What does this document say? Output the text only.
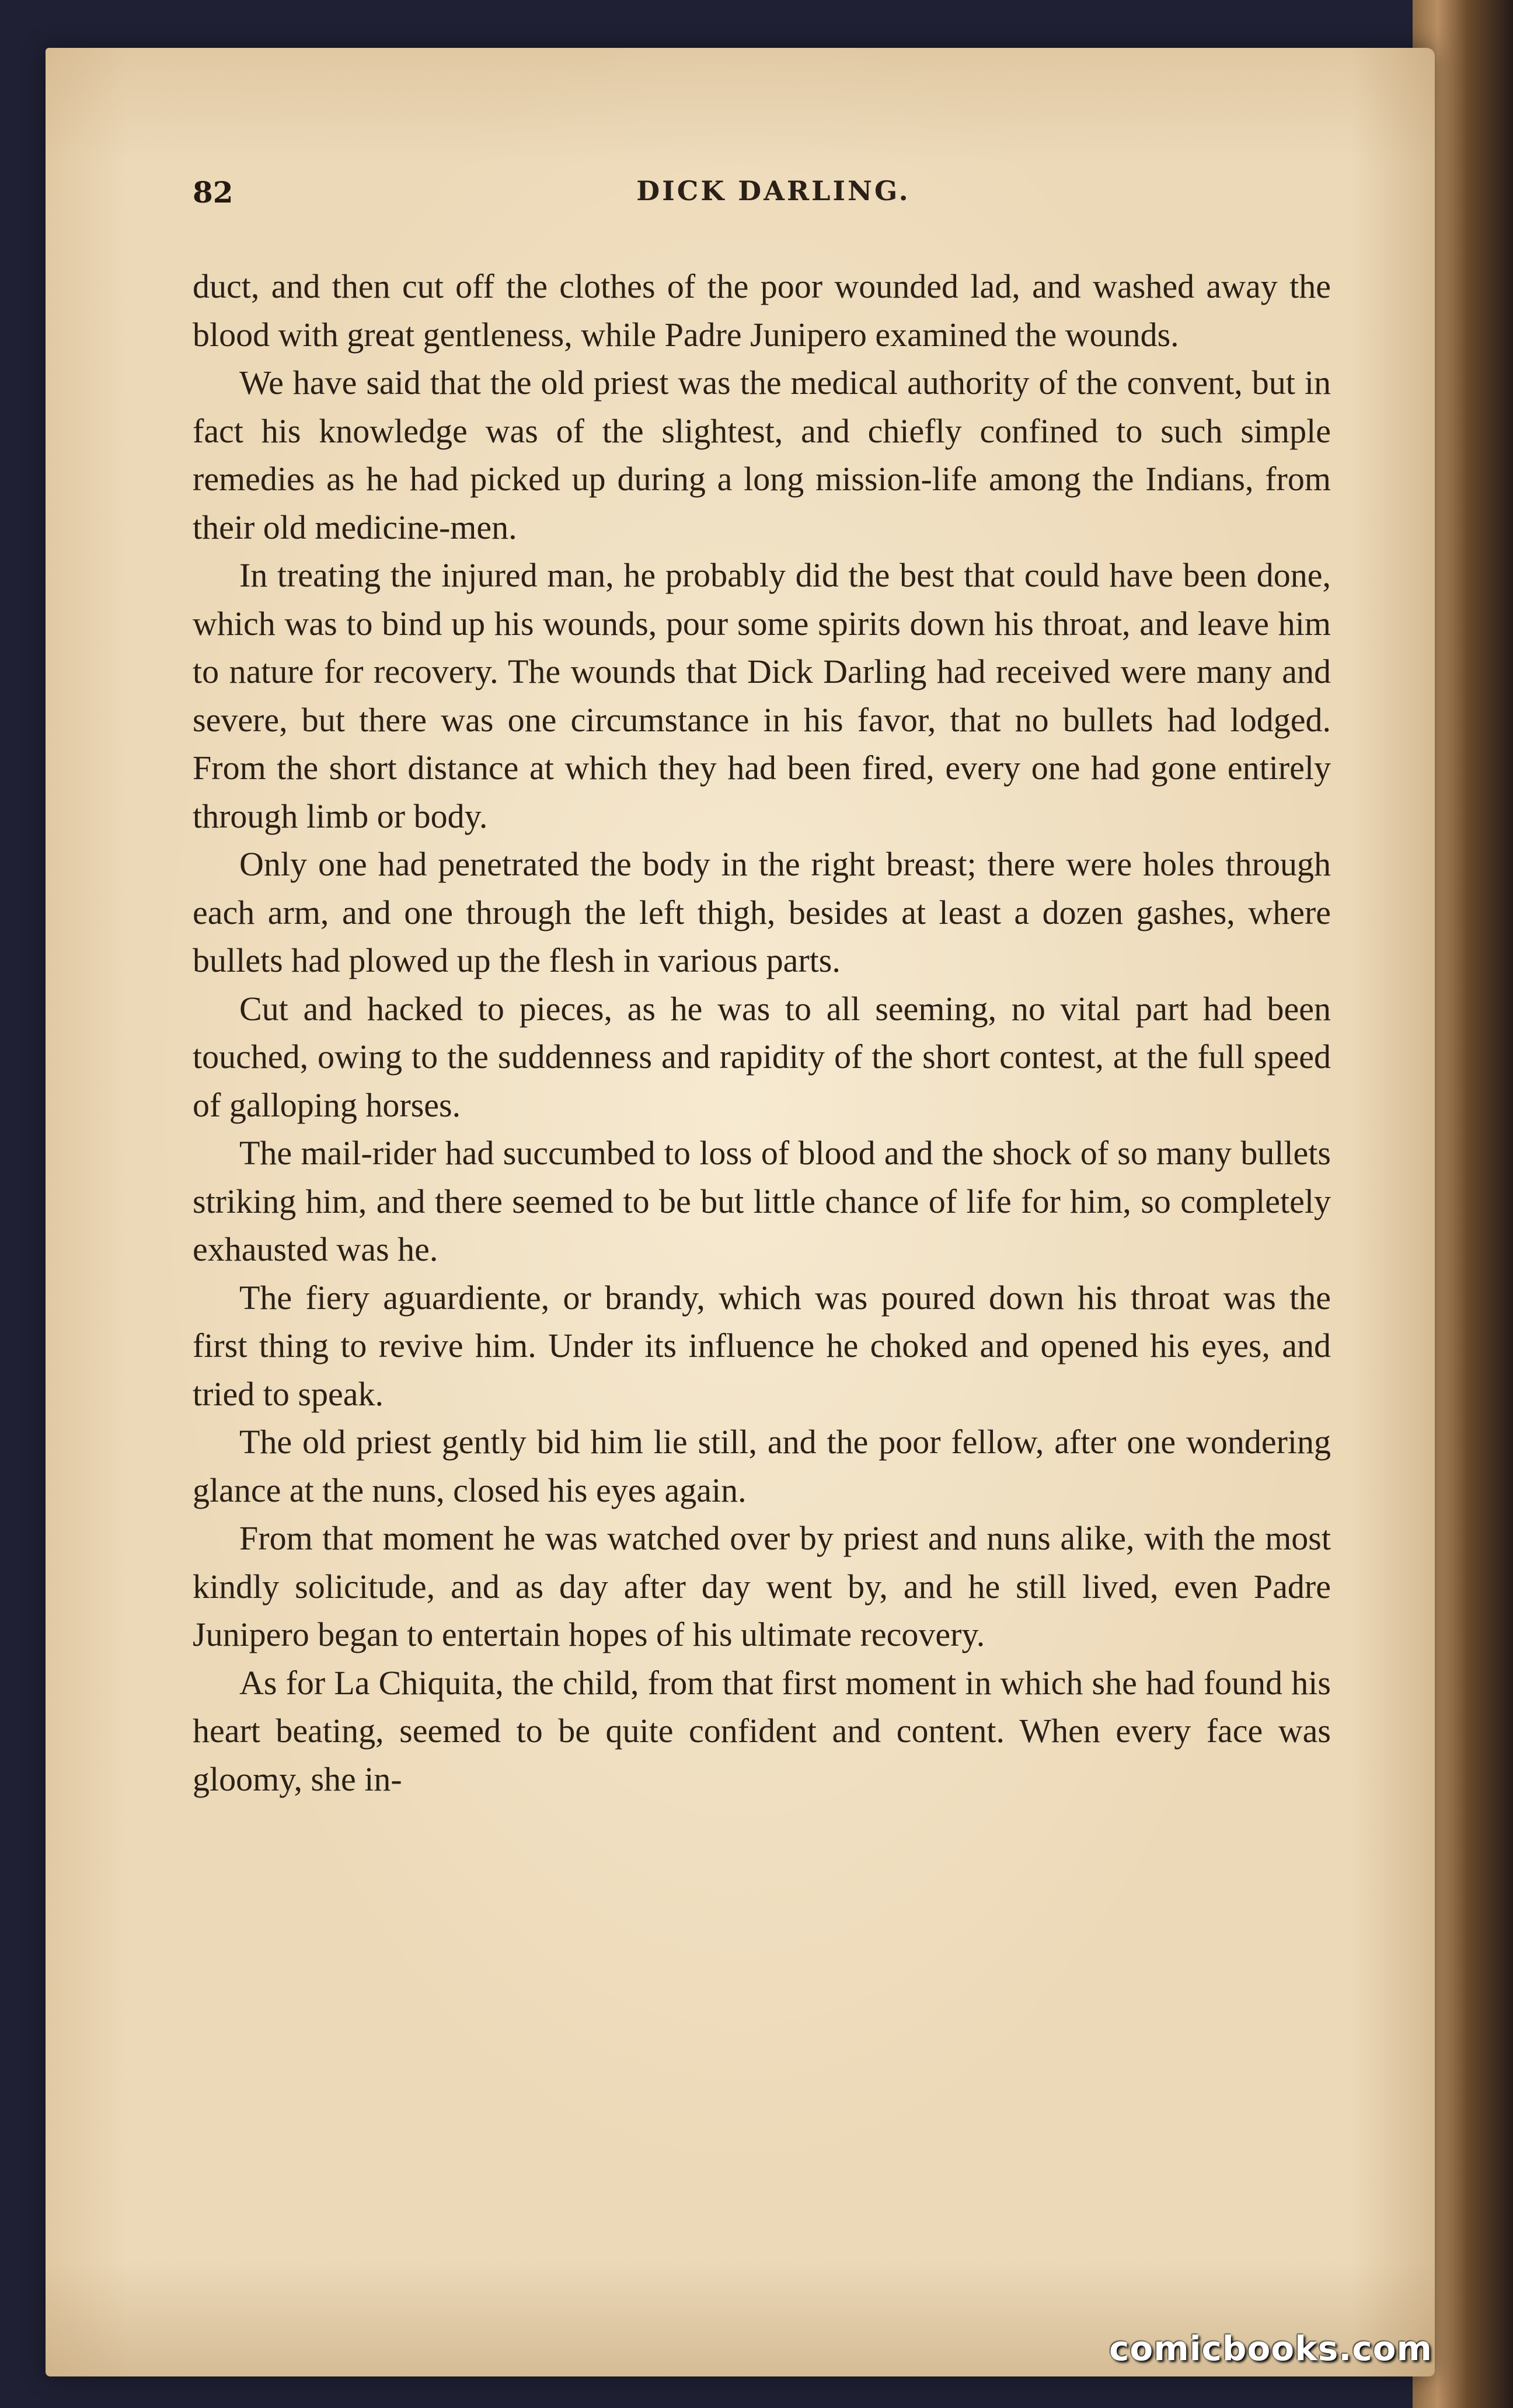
82	DICK DARLING.

duct, and then cut off the clothes of the poor wounded lad, and washed away the blood with great gentleness, while Padre Junipero examined the wounds.

We have said that the old priest was the medical authority of the convent, but in fact his knowledge was of the slightest, and chiefly confined to such simple remedies as he had picked up during a long mission-life among the Indians, from their old medicine-men.

In treating the injured man, he probably did the best that could have been done, which was to bind up his wounds, pour some spirits down his throat, and leave him to nature for recovery. The wounds that Dick Darling had received were many and severe, but there was one circumstance in his favor, that no bullets had lodged. From the short distance at which they had been fired, every one had gone entirely through limb or body.

Only one had penetrated the body in the right breast; there were holes through each arm, and one through the left thigh, besides at least a dozen gashes, where bullets had plowed up the flesh in various parts.

Cut and hacked to pieces, as he was to all seeming, no vital part had been touched, owing to the suddenness and rapidity of the short contest, at the full speed of galloping horses.

The mail-rider had succumbed to loss of blood and the shock of so many bullets striking him, and there seemed to be but little chance of life for him, so completely exhausted was he.

The fiery aguardiente, or brandy, which was poured down his throat was the first thing to revive him. Under its influence he choked and opened his eyes, and tried to speak.

The old priest gently bid him lie still, and the poor fellow, after one wondering glance at the nuns, closed his eyes again.

From that moment he was watched over by priest and nuns alike, with the most kindly solicitude, and as day after day went by, and he still lived, even Padre Junipero began to entertain hopes of his ultimate recovery.

As for La Chiquita, the child, from that first moment in which she had found his heart beating, seemed to be quite confident and content. When every face was gloomy, she in-

comicbooks.com
